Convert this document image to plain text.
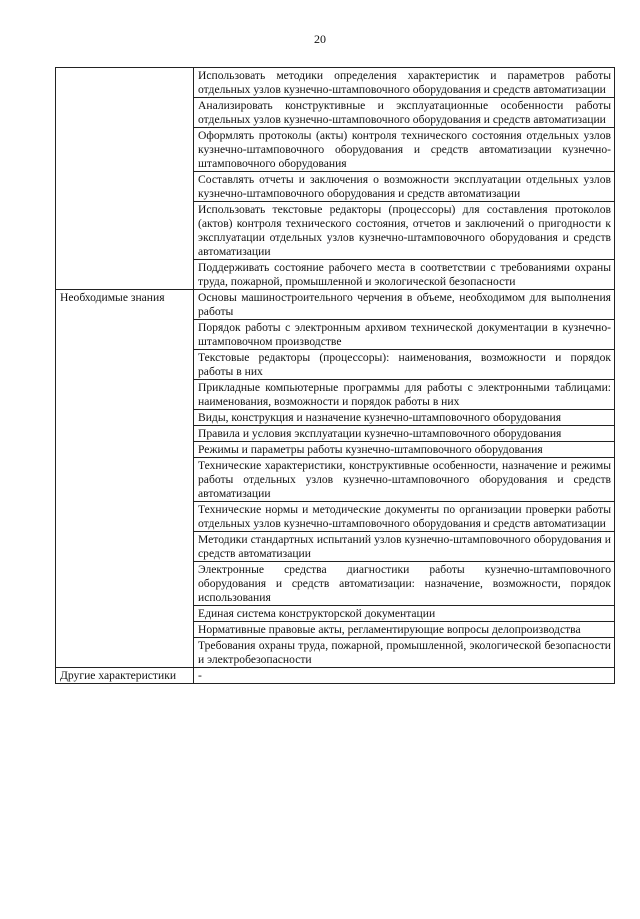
20

	Использовать методики определения характеристик и параметров работы отдельных узлов кузнечно-штамповочного оборудования и средств автоматизации

	Анализировать конструктивные и эксплуатационные особенности работы отдельных узлов кузнечно-штамповочного оборудования и средств автоматизации

	Оформлять протоколы (акты) контроля технического состояния отдельных узлов кузнечно-штамповочного оборудования и средств автоматизации кузнечно-штамповочного оборудования

	Составлять отчеты и заключения о возможности эксплуатации отдельных узлов кузнечно-штамповочного оборудования и средств автоматизации

	Использовать текстовые редакторы (процессоры) для составления протоколов (актов) контроля технического состояния, отчетов и заключений о пригодности к эксплуатации отдельных узлов кузнечно-штамповочного оборудования и средств автоматизации

	Поддерживать состояние рабочего места в соответствии с требованиями охраны труда, пожарной, промышленной и экологической безопасности

Необходимые знания	Основы машиностроительного черчения в объеме, необходимом для выполнения работы

	Порядок работы с электронным архивом технической документации в кузнечно-штамповочном производстве

	Текстовые редакторы (процессоры): наименования, возможности и порядок работы в них

	Прикладные компьютерные программы для работы с электронными таблицами: наименования, возможности и порядок работы в них

	Виды, конструкция и назначение кузнечно-штамповочного оборудования

	Правила и условия эксплуатации кузнечно-штамповочного оборудования

	Режимы и параметры работы кузнечно-штамповочного оборудования

	Технические характеристики, конструктивные особенности, назначение и режимы работы отдельных узлов кузнечно-штамповочного оборудования и средств автоматизации

	Технические нормы и методические документы по организации проверки работы отдельных узлов кузнечно-штамповочного оборудования и средств автоматизации

	Методики стандартных испытаний узлов кузнечно-штамповочного оборудования и средств автоматизации

	Электронные средства диагностики работы кузнечно-штамповочного оборудования и средств автоматизации: назначение, возможности, порядок использования

	Единая система конструкторской документации

	Нормативные правовые акты, регламентирующие вопросы делопроизводства

	Требования охраны труда, пожарной, промышленной, экологической безопасности и электробезопасности

Другие характеристики	-
